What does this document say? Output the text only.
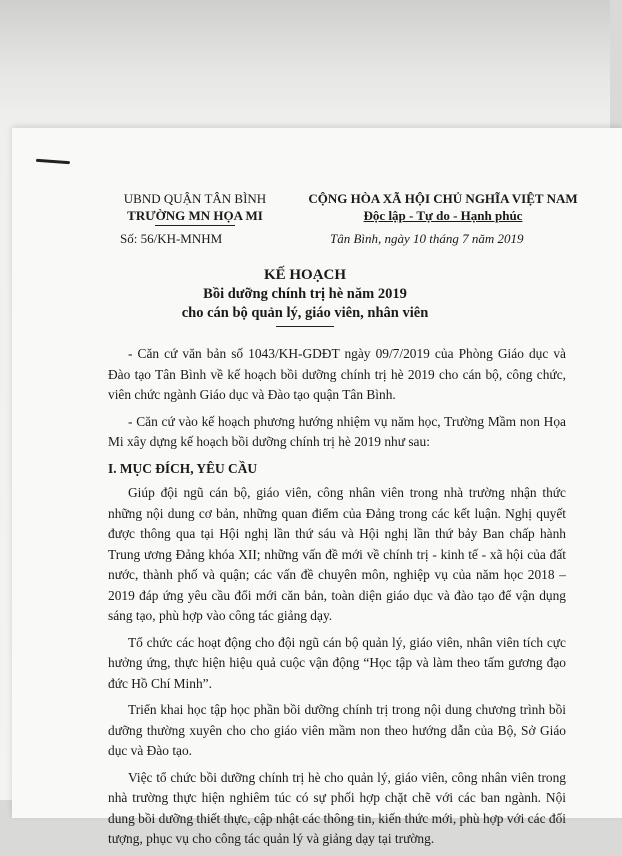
UBND QUẬN TÂN BÌNH
TRƯỜNG MN HỌA MI
CỘNG HÒA XÃ HỘI CHỦ NGHĨA VIỆT NAM
Độc lập - Tự do - Hạnh phúc
Số: 56/KH-MNHM	Tân Bình, ngày 10 tháng 7 năm 2019
KẾ HOẠCH
Bồi dưỡng chính trị hè năm 2019
cho cán bộ quản lý, giáo viên, nhân viên

- Căn cứ văn bản số 1043/KH-GDĐT ngày 09/7/2019 của Phòng Giáo dục và Đào tạo Tân Bình về kế hoạch bồi dưỡng chính trị hè 2019 cho cán bộ, công chức, viên chức ngành Giáo dục và Đào tạo quận Tân Bình.

- Căn cứ vào kế hoạch phương hướng nhiệm vụ năm học, Trường Mầm non Họa Mi xây dựng kế hoạch bồi dưỡng chính trị hè 2019 như sau:

I. MỤC ĐÍCH, YÊU CẦU

Giúp đội ngũ cán bộ, giáo viên, công nhân viên trong nhà trường nhận thức những nội dung cơ bản, những quan điểm của Đảng trong các kết luận. Nghị quyết được thông qua tại Hội nghị lần thứ sáu và Hội nghị lần thứ bảy Ban chấp hành Trung ương Đảng khóa XII; những vấn đề mới về chính trị - kinh tế - xã hội của đất nước, thành phố và quận; các vấn đề chuyên môn, nghiệp vụ của năm học 2018 – 2019 đáp ứng yêu cầu đổi mới căn bản, toàn diện giáo dục và đào tạo để vận dụng sáng tạo, phù hợp vào công tác giảng dạy.

Tổ chức các hoạt động cho đội ngũ cán bộ quản lý, giáo viên, nhân viên tích cực hưởng ứng, thực hiện hiệu quả cuộc vận động “Học tập và làm theo tấm gương đạo đức Hồ Chí Minh”.

Triển khai học tập học phần bồi dưỡng chính trị trong nội dung chương trình bồi dưỡng thường xuyên cho cho giáo viên mầm non theo hướng dẫn của Bộ, Sở Giáo dục và Đào tạo.

Việc tổ chức bồi dưỡng chính trị hè cho quản lý, giáo viên, công nhân viên trong nhà trường thực hiện nghiêm túc có sự phối hợp chặt chẽ với các ban ngành. Nội dung bồi dưỡng thiết thực, cập nhật các thông tin, kiến thức mới, phù hợp với các đối tượng, phục vụ cho công tác quản lý và giảng dạy tại trường.
